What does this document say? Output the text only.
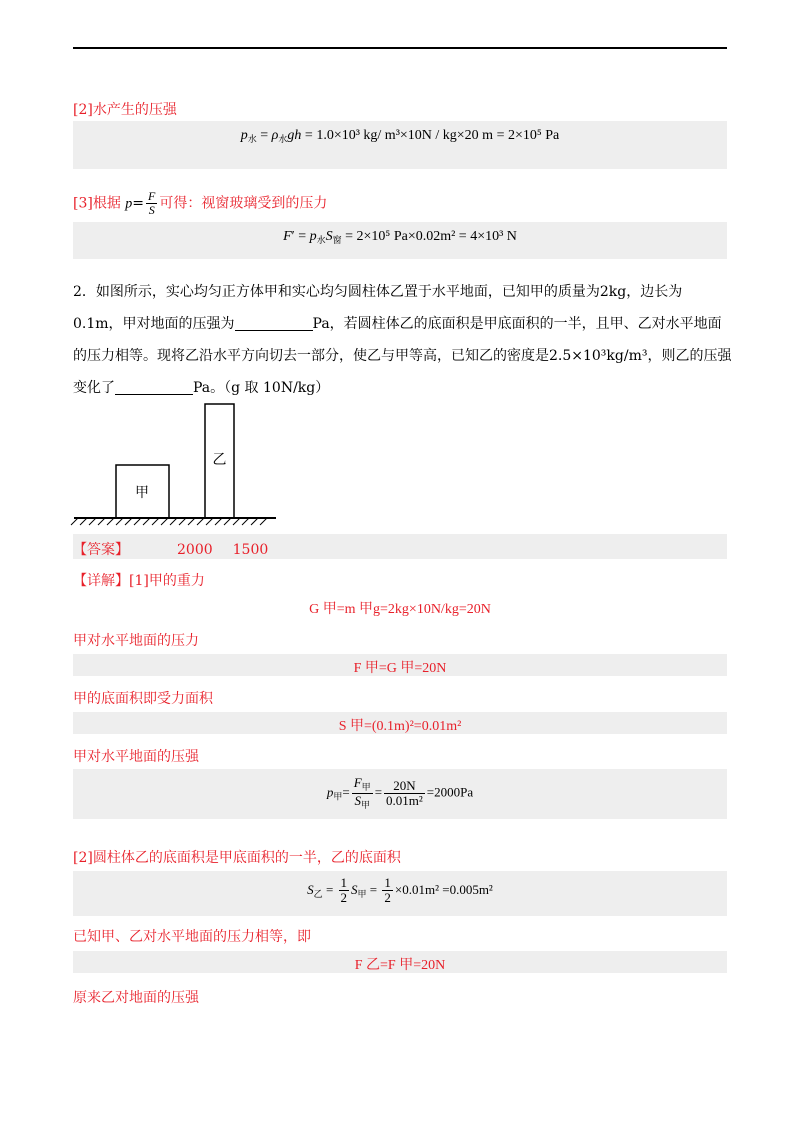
[2]水产生的压强
$p_水 = \rho_水gh = 1.0\times 10^3$ kg/ m³×10N / kg×20 m = 2×10⁵ Pa
[3]根据 $p= \frac{F}{S}$ 可得：视窗玻璃受到的压力
$F' = p_水S_窗 = 2\times 10^5$ Pa×0.02m² = 4×10³ N
2．如图所示，实心均匀正方体甲和实心均匀圆柱体乙置于水平地面，已知甲的质量为2kg，边长为
0.1m，甲对地面的压强为	Pa，若圆柱体乙的底面积是甲底面积的一半，且甲、乙对水平地面
的压力相等。现将乙沿水平方向切去一部分，使乙与甲等高，已知乙的密度是2.5×10³kg/m³，则乙的压强
变化了	Pa。（g 取 10N/kg）
甲
乙
【答案】	2000 1500
【详解】[1]甲的重力
G 甲=m 甲g=2kg×10N/kg=20N
甲对水平地面的压力
F 甲=G 甲=20N
甲的底面积即受力面积
S 甲=(0.1m)²=0.01m²
甲对水平地面的压强
$p_甲= \frac{F_甲}{S_甲} = \frac{20N}{\text{0.01m²}} =2000Pa$
[2]圆柱体乙的底面积是甲底面积的一半，乙的底面积
$S_乙 = \frac{1}{2} S_甲 = \frac{1}{2} \times 0.01m^2 =0.005m^2$
已知甲、乙对水平地面的压力相等，即
F 乙=F 甲=20N
原来乙对地面的压强
